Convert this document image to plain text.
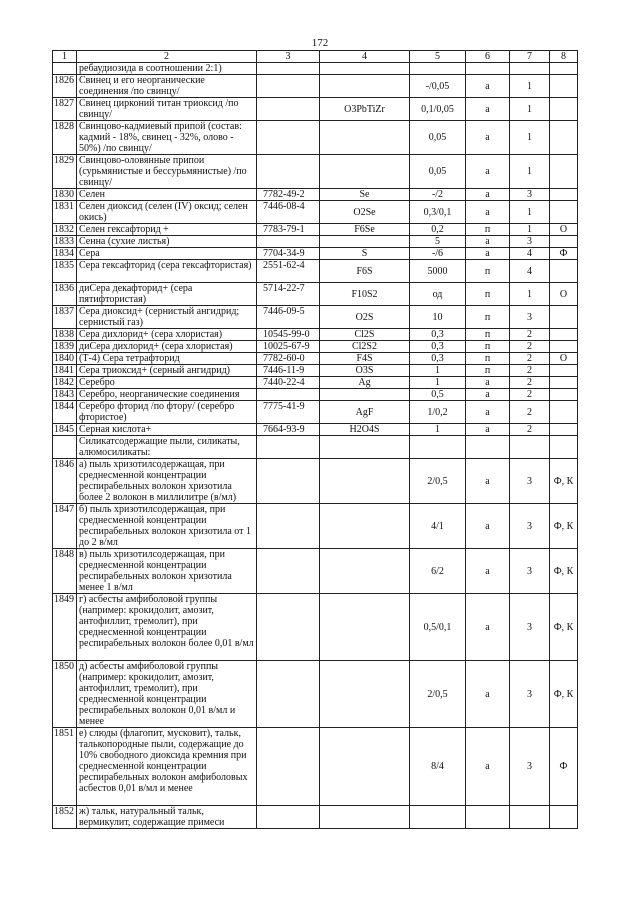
172
1	2	3	4	5	6	7	8
	ребаудиозида в соотношении 2:1)						
1826	Свинец и его неорганические соединения /по свинцу/			-/0,05	а	1	
1827	Свинец цирконий титан триоксид /по свинцу/		O3PbTiZr	0,1/0,05	а	1	
1828	Свинцово-кадмиевый припой (состав: кадмий - 18%, свинец - 32%, олово - 50%) /по свинцу/			0,05	а	1	
1829	Свинцово-оловянные припои (сурьмянистые и бессурьмянистые) /по свинцу/			0,05	а	1	
1830	Селен	7782-49-2	Se	-/2	а	3	
1831	Селен диоксид (селен (IV) оксид; селен окись)	7446-08-4	O2Se	0,3/0,1	а	1	
1832	Селен гексафторид +	7783-79-1	F6Se	0,2	п	1	О
1833	Сенна (сухие листья)			5	а	3	
1834	Сера	7704-34-9	S	-/6	а	4	Ф
1835	Сера гексафторид (сера гексафтористая)	2551-62-4	F6S	5000	п	4	
1836	диСера декафторид+ (сера пятифтористая)	5714-22-7	F10S2	од	п	1	О
1837	Сера диоксид+ (сернистый ангидрид; сернистый газ)	7446-09-5	O2S	10	п	3	
1838	Сера дихлорид+ (сера хлористая)	10545-99-0	Cl2S	0,3	п	2	
1839	диСера дихлорид+ (сера хлористая)	10025-67-9	Cl2S2	0,3	п	2	
1840	(Т-4) Сера тетрафторид	7782-60-0	F4S	0,3	п	2	О
1841	Сера триоксид+ (серный ангидрид)	7446-11-9	O3S	1	п	2	
1842	Серебро	7440-22-4	Ag	1	а	2	
1843	Серебро, неорганические соединения			0,5	а	2	
1844	Серебро фторид /по фтору/ (серебро фтористое)	7775-41-9	AgF	1/0,2	а	2	
1845	Серная кислота+	7664-93-9	H2O4S	1	а	2	
	Силикатсодержащие пыли, силикаты, алюмосиликаты:						
1846	а) пыль хризотилсодержащая, при среднесменной концентрации респирабельных волокон хризотила более 2 волокон в миллилитре (в/мл)			2/0,5	а	3	Ф, К
1847	б) пыль хризотилсодержащая, при среднесменной концентрации респирабельных волокон хризотила от 1 до 2 в/мл			4/1	а	3	Ф, К
1848	в) пыль хризотилсодержащая, при среднесменной концентрации респирабельных волокон хризотила менее 1 в/мл			6/2	а	3	Ф, К
1849	г) асбесты амфиболовой группы (например: крокидолит, амозит, антофиллит, тремолит), при среднесменной концентрации респирабельных волокон более 0,01 в/мл			0,5/0,1	а	3	Ф, К
1850	д) асбесты амфиболовой группы (например: крокидолит, амозит, антофиллит, тремолит), при среднесменной концентрации респирабельных волокон 0,01 в/мл и менее			2/0,5	а	3	Ф, К
1851	е) слюды (флагопит, мусковит), тальк, талькопородные пыли, содержащие до 10% свободного диоксида кремния при среднесменной концентрации респирабельных волокон амфиболовых асбестов 0,01 в/мл и менее			8/4	а	3	Ф
1852	ж) тальк, натуральный тальк, вермикулит, содержащие примеси						
